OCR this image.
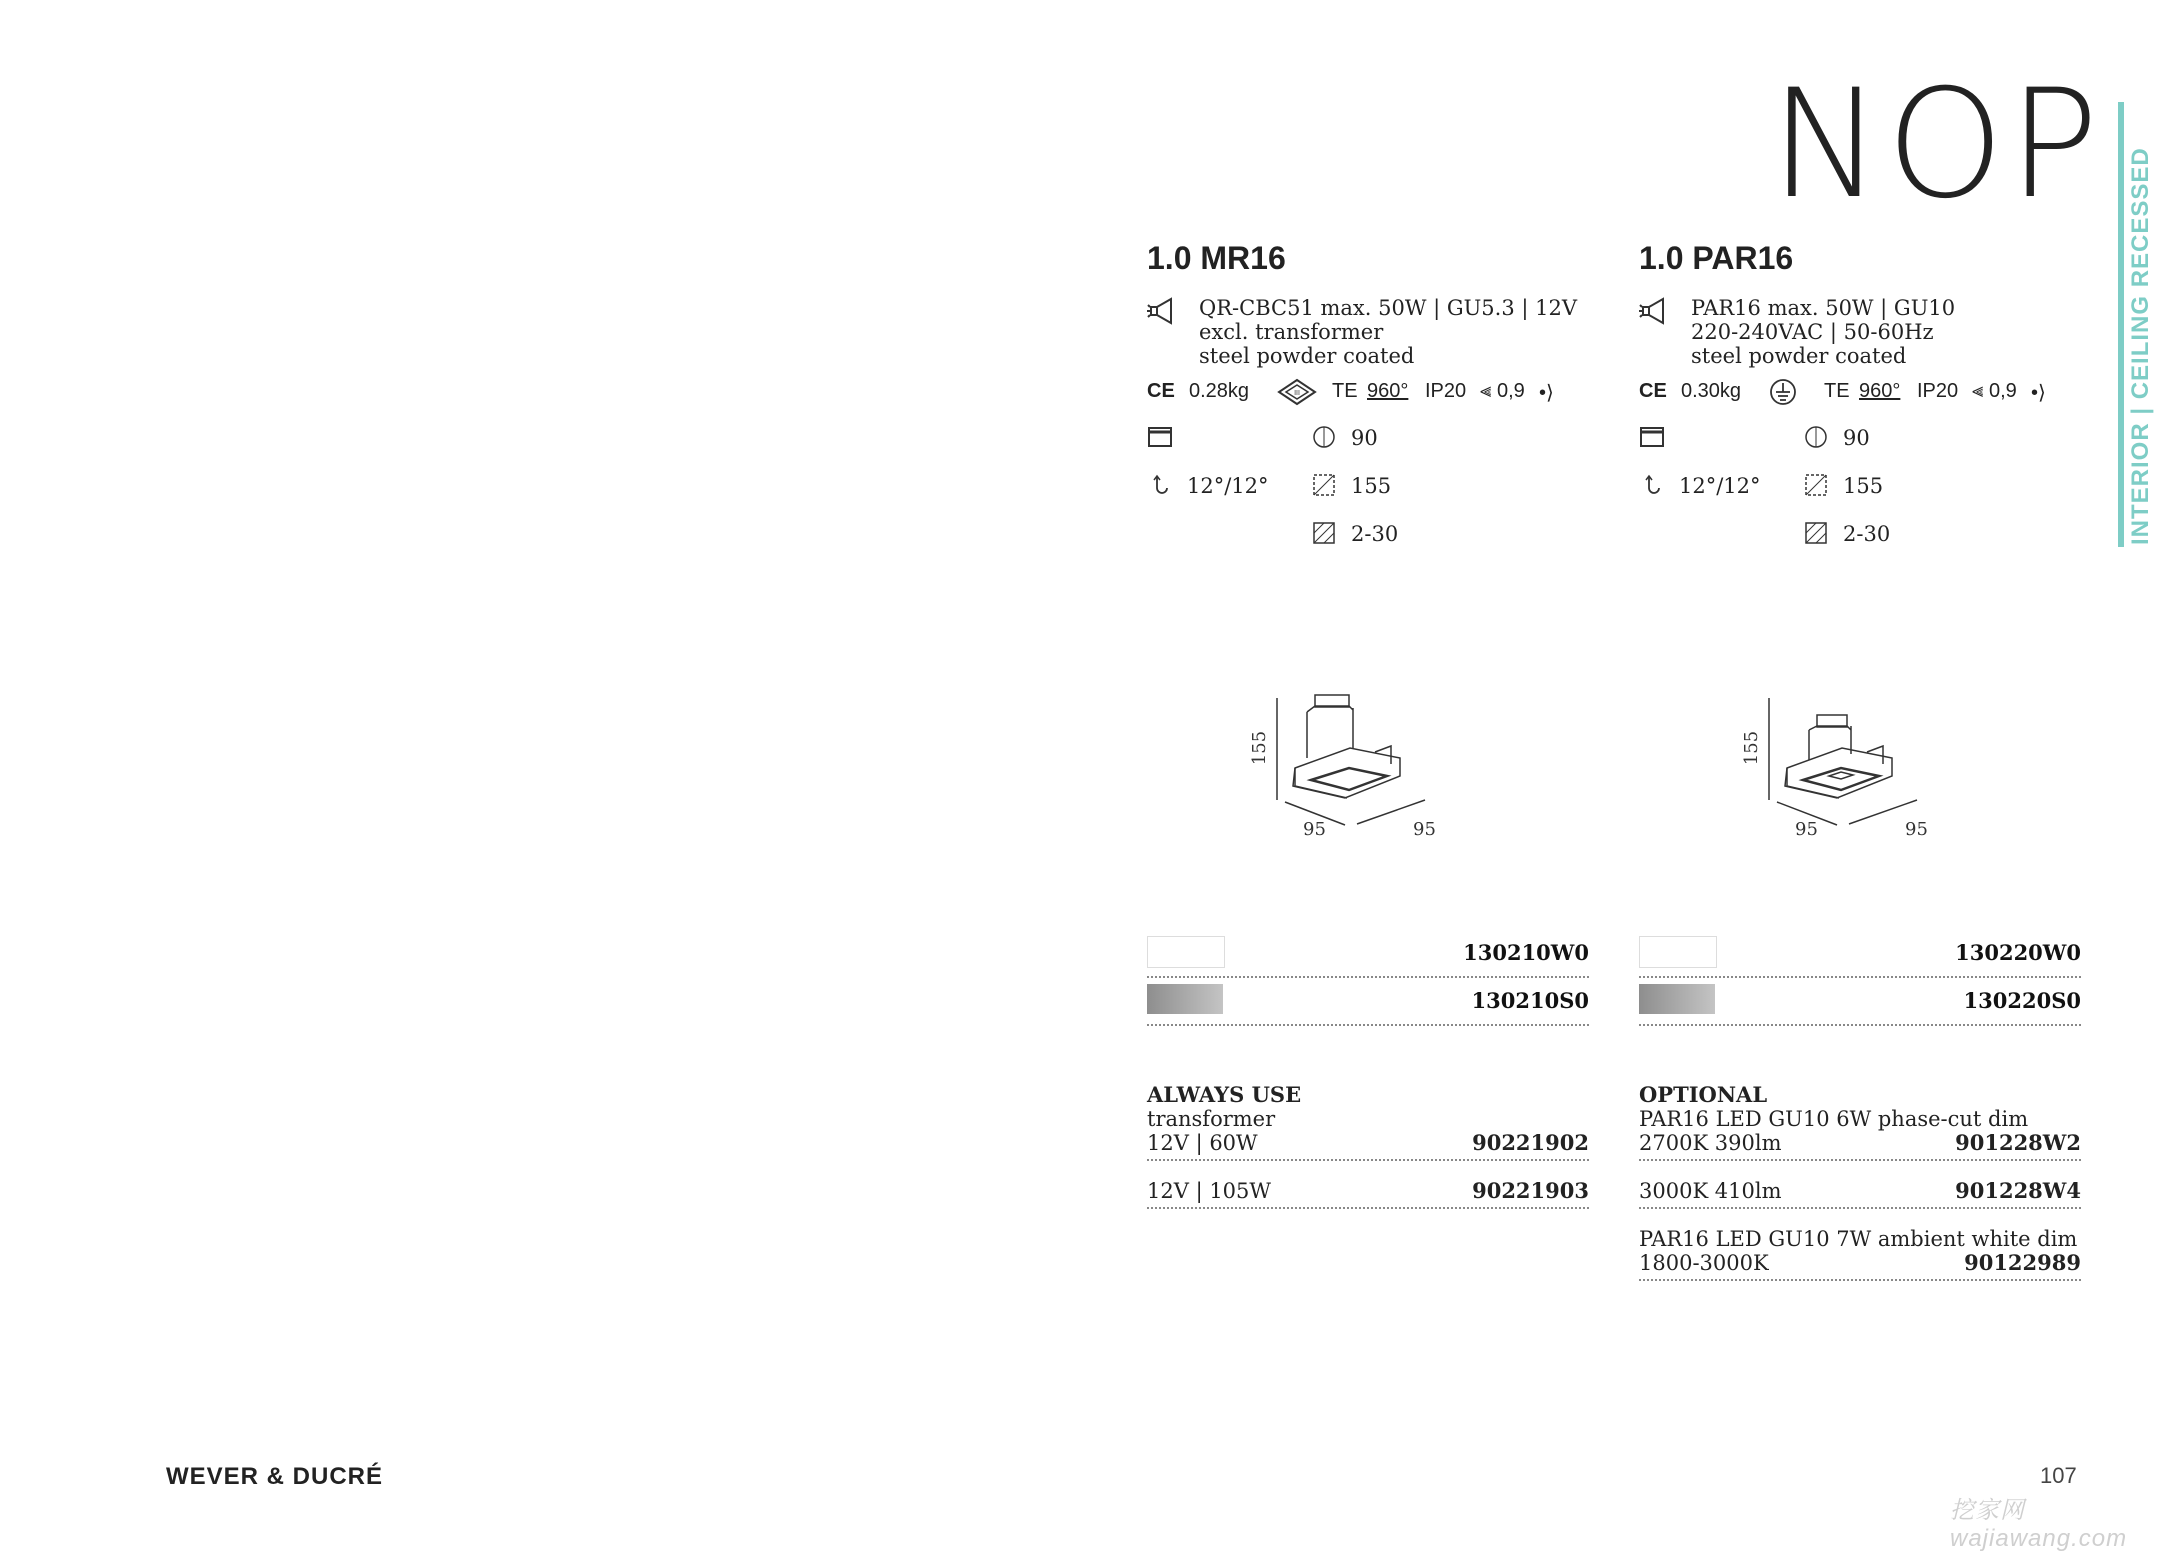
NOP
INTERIOR | CEILING RECESSED
1.0 MR16
QR-CBC51 max. 50W | GU5.3 | 12V
excl. transformer
steel powder coated
CE 0.28kg	III TE 960° IP20 ⫷ 0,9 •⟩
90
12°/12°	155
2-30
1.0 PAR16
PAR16 max. 50W | GU10
220-240VAC | 50-60Hz
steel powder coated
CE 0.30kg	TE 960° IP20 ⫷ 0,9 •⟩
90
12°/12°	155
2-30
155
95	95
155
95	95
130210W0
130210S0
130220W0
130220S0
ALWAYS USE
transformer
12V | 60W	90221902
12V | 105W	90221903
OPTIONAL
PAR16 LED GU10 6W phase-cut dim
2700K 390lm	901228W2
3000K 410lm	901228W4
PAR16 LED GU10 7W ambient white dim
1800-3000K	90122989
WEVER & DUCRÉ	107
挖家网 wajiawang.com
